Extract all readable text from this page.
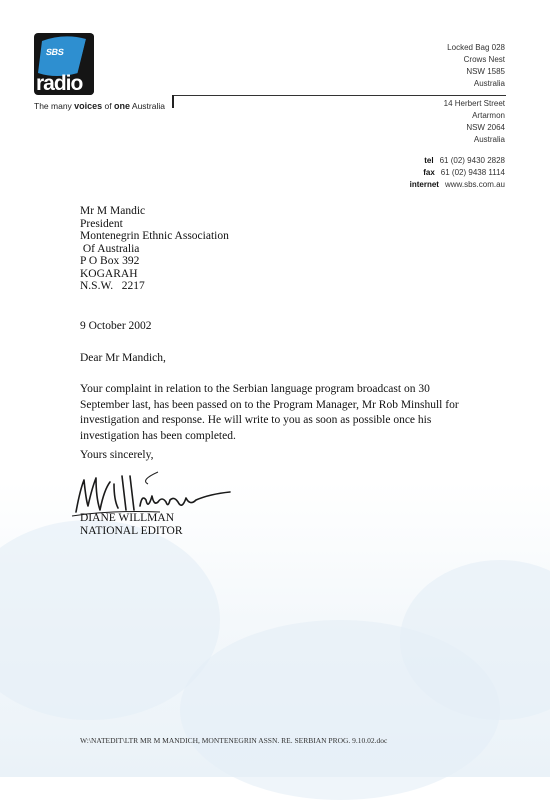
SBS
radio
The many voices of one Australia
Locked Bag 028
Crows Nest
NSW 1585
Australia
14 Herbert Street
Artarmon
NSW 2064
Australia
tel 61 (02) 9430 2828
fax 61 (02) 9438 1114
internet www.sbs.com.au
Mr M Mandic
President
Montenegrin Ethnic Association
Of Australia
P O Box 392
KOGARAH
N.S.W.   2217
9 October 2002
Dear Mr Mandich,
Your complaint in relation to the Serbian language program broadcast on 30
September last, has been passed on to the Program Manager, Mr Rob Minshull for
investigation and response. He will write to you as soon as possible once his
investigation has been completed.
Yours sincerely,
DIANE WILLMAN
NATIONAL EDITOR
W:\NATEDIT\LTR MR M MANDICH, MONTENEGRIN ASSN. RE. SERBIAN PROG. 9.10.02.doc
